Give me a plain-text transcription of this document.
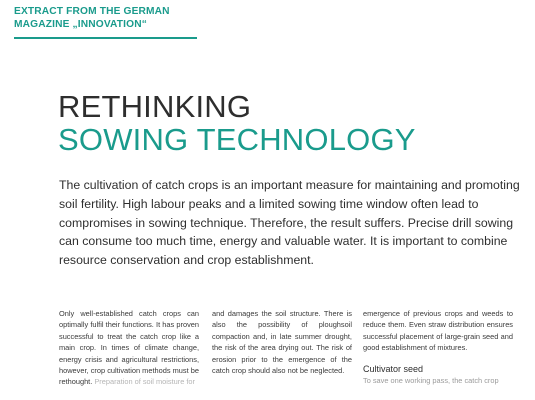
EXTRACT FROM THE GERMAN
MAGAZINE „INNOVATION“
RETHINKING
SOWING TECHNOLOGY

The cultivation of catch crops is an important measure for maintaining and promoting soil fertility. High labour peaks and a limited sowing time window often lead to compromises in sowing technique. Therefore, the result suffers. Precise drill sowing can consume too much time, energy and valuable water. It is important to combine resource conservation and crop establishment.

Only well-established catch crops can optimally fulfil their functions. It has proven successful to treat the catch crop like a main crop. In times of climate change, energy crisis and agricultural restrictions, however, crop cultivation methods must be rethought. Preparation of soil moisture for

and damages the soil structure. There is also the possibility of ploughsoil compaction and, in late summer drought, the risk of the area drying out. The risk of erosion prior to the emergence of the catch crop should also not be neglected.

emergence of previous crops and weeds to reduce them. Even straw distribution ensures successful placement of large-grain seed and good establishment of mixtures.

Cultivator seed

To save one working pass, the catch crop
